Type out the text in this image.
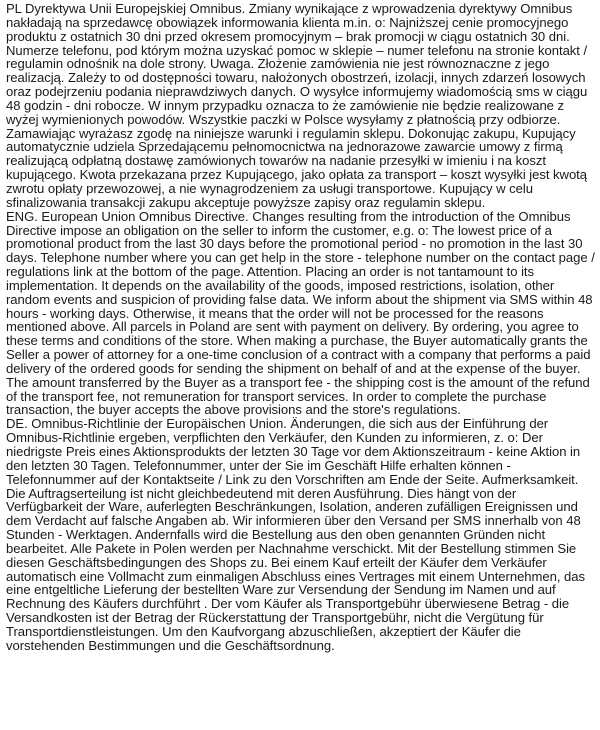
PL Dyrektywa Unii Europejskiej Omnibus. Zmiany wynikające z wprowadzenia dyrektywy Omnibus nakładają na sprzedawcę obowiązek informowania klienta m.in. o: Najniższej cenie promocyjnego produktu z ostatnich 30 dni przed okresem promocyjnym – brak promocji w ciągu ostatnich 30 dni. Numerze telefonu, pod którym można uzyskać pomoc w sklepie – numer telefonu na stronie kontakt / regulamin odnośnik na dole strony. Uwaga. Złożenie zamówienia nie jest równoznaczne z jego realizacją. Zależy to od dostępności towaru, nałożonych obostrzeń, izolacji, innych zdarzeń losowych oraz podejrzeniu podania nieprawdziwych danych. O wysyłce informujemy wiadomością sms w ciągu 48 godzin - dni robocze. W innym przypadku oznacza to że zamówienie nie będzie realizowane z wyżej wymienionych powodów. Wszystkie paczki w Polsce wysyłamy z płatnością przy odbiorze. Zamawiając wyrażasz zgodę na niniejsze warunki i regulamin sklepu. Dokonując zakupu, Kupujący automatycznie udziela Sprzedającemu pełnomocnictwa na jednorazowe zawarcie umowy z firmą realizującą odpłatną dostawę zamówionych towarów na nadanie przesyłki w imieniu i na koszt kupującego. Kwota przekazana przez Kupującego, jako opłata za transport – koszt wysyłki jest kwotą zwrotu opłaty przewozowej, a nie wynagrodzeniem za usługi transportowe. Kupujący w celu sfinalizowania transakcji zakupu akceptuje powyższe zapisy oraz regulamin sklepu.

ENG. European Union Omnibus Directive. Changes resulting from the introduction of the Omnibus Directive impose an obligation on the seller to inform the customer, e.g. o: The lowest price of a promotional product from the last 30 days before the promotional period - no promotion in the last 30 days. Telephone number where you can get help in the store - telephone number on the contact page / regulations link at the bottom of the page. Attention. Placing an order is not tantamount to its implementation. It depends on the availability of the goods, imposed restrictions, isolation, other random events and suspicion of providing false data. We inform about the shipment via SMS within 48 hours - working days. Otherwise, it means that the order will not be processed for the reasons mentioned above. All parcels in Poland are sent with payment on delivery. By ordering, you agree to these terms and conditions of the store. When making a purchase, the Buyer automatically grants the Seller a power of attorney for a one-time conclusion of a contract with a company that performs a paid delivery of the ordered goods for sending the shipment on behalf of and at the expense of the buyer. The amount transferred by the Buyer as a transport fee - the shipping cost is the amount of the refund of the transport fee, not remuneration for transport services. In order to complete the purchase transaction, the buyer accepts the above provisions and the store's regulations.

DE. Omnibus-Richtlinie der Europäischen Union. Änderungen, die sich aus der Einführung der Omnibus-Richtlinie ergeben, verpflichten den Verkäufer, den Kunden zu informieren, z. o: Der niedrigste Preis eines Aktionsprodukts der letzten 30 Tage vor dem Aktionszeitraum - keine Aktion in den letzten 30 Tagen. Telefonnummer, unter der Sie im Geschäft Hilfe erhalten können - Telefonnummer auf der Kontaktseite / Link zu den Vorschriften am Ende der Seite. Aufmerksamkeit. Die Auftragserteilung ist nicht gleichbedeutend mit deren Ausführung. Dies hängt von der Verfügbarkeit der Ware, auferlegten Beschränkungen, Isolation, anderen zufälligen Ereignissen und dem Verdacht auf falsche Angaben ab. Wir informieren über den Versand per SMS innerhalb von 48 Stunden - Werktagen. Andernfalls wird die Bestellung aus den oben genannten Gründen nicht bearbeitet. Alle Pakete in Polen werden per Nachnahme verschickt. Mit der Bestellung stimmen Sie diesen Geschäftsbedingungen des Shops zu. Bei einem Kauf erteilt der Käufer dem Verkäufer automatisch eine Vollmacht zum einmaligen Abschluss eines Vertrages mit einem Unternehmen, das eine entgeltliche Lieferung der bestellten Ware zur Versendung der Sendung im Namen und auf Rechnung des Käufers durchführt . Der vom Käufer als Transportgebühr überwiesene Betrag - die Versandkosten ist der Betrag der Rückerstattung der Transportgebühr, nicht die Vergütung für Transportdienstleistungen. Um den Kaufvorgang abzuschließen, akzeptiert der Käufer die vorstehenden Bestimmungen und die Geschäftsordnung.
